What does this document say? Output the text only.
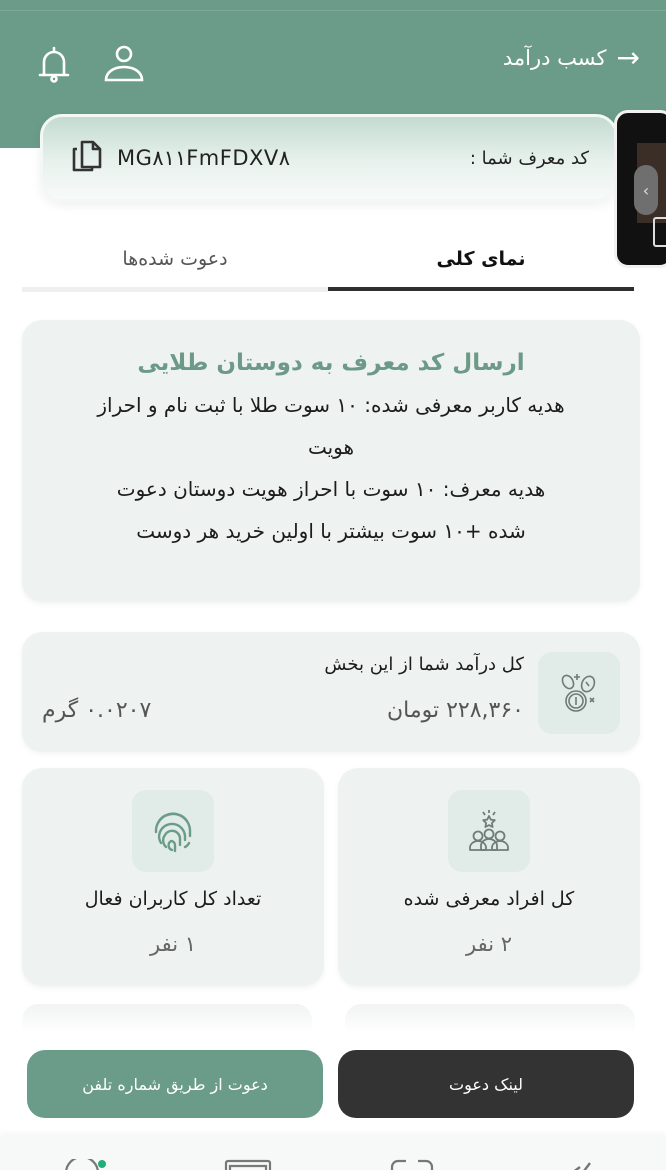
→
کسب درآمد
کد معرف شما :
MG۸۱۱FmFDXV۸
‹
نمای کلی
دعوت شده‌ها
ارسال کد معرف به دوستان طلایی
هدیه کاربر معرفی شده: ۱۰ سوت طلا با ثبت نام و احراز
هویت
هدیه معرف: ۱۰ سوت با احراز هویت دوستان دعوت
شده +۱۰ سوت بیشتر با اولین خرید هر دوست
کل درآمد شما از این بخش
۲۲۸,۳۶۰ تومان
۰.۰۲۰۷ گرم
کل افراد معرفی شده
۲ نفر
تعداد کل کاربران فعال
۱ نفر
دعوت از طریق شماره تلفن	لینک دعوت
